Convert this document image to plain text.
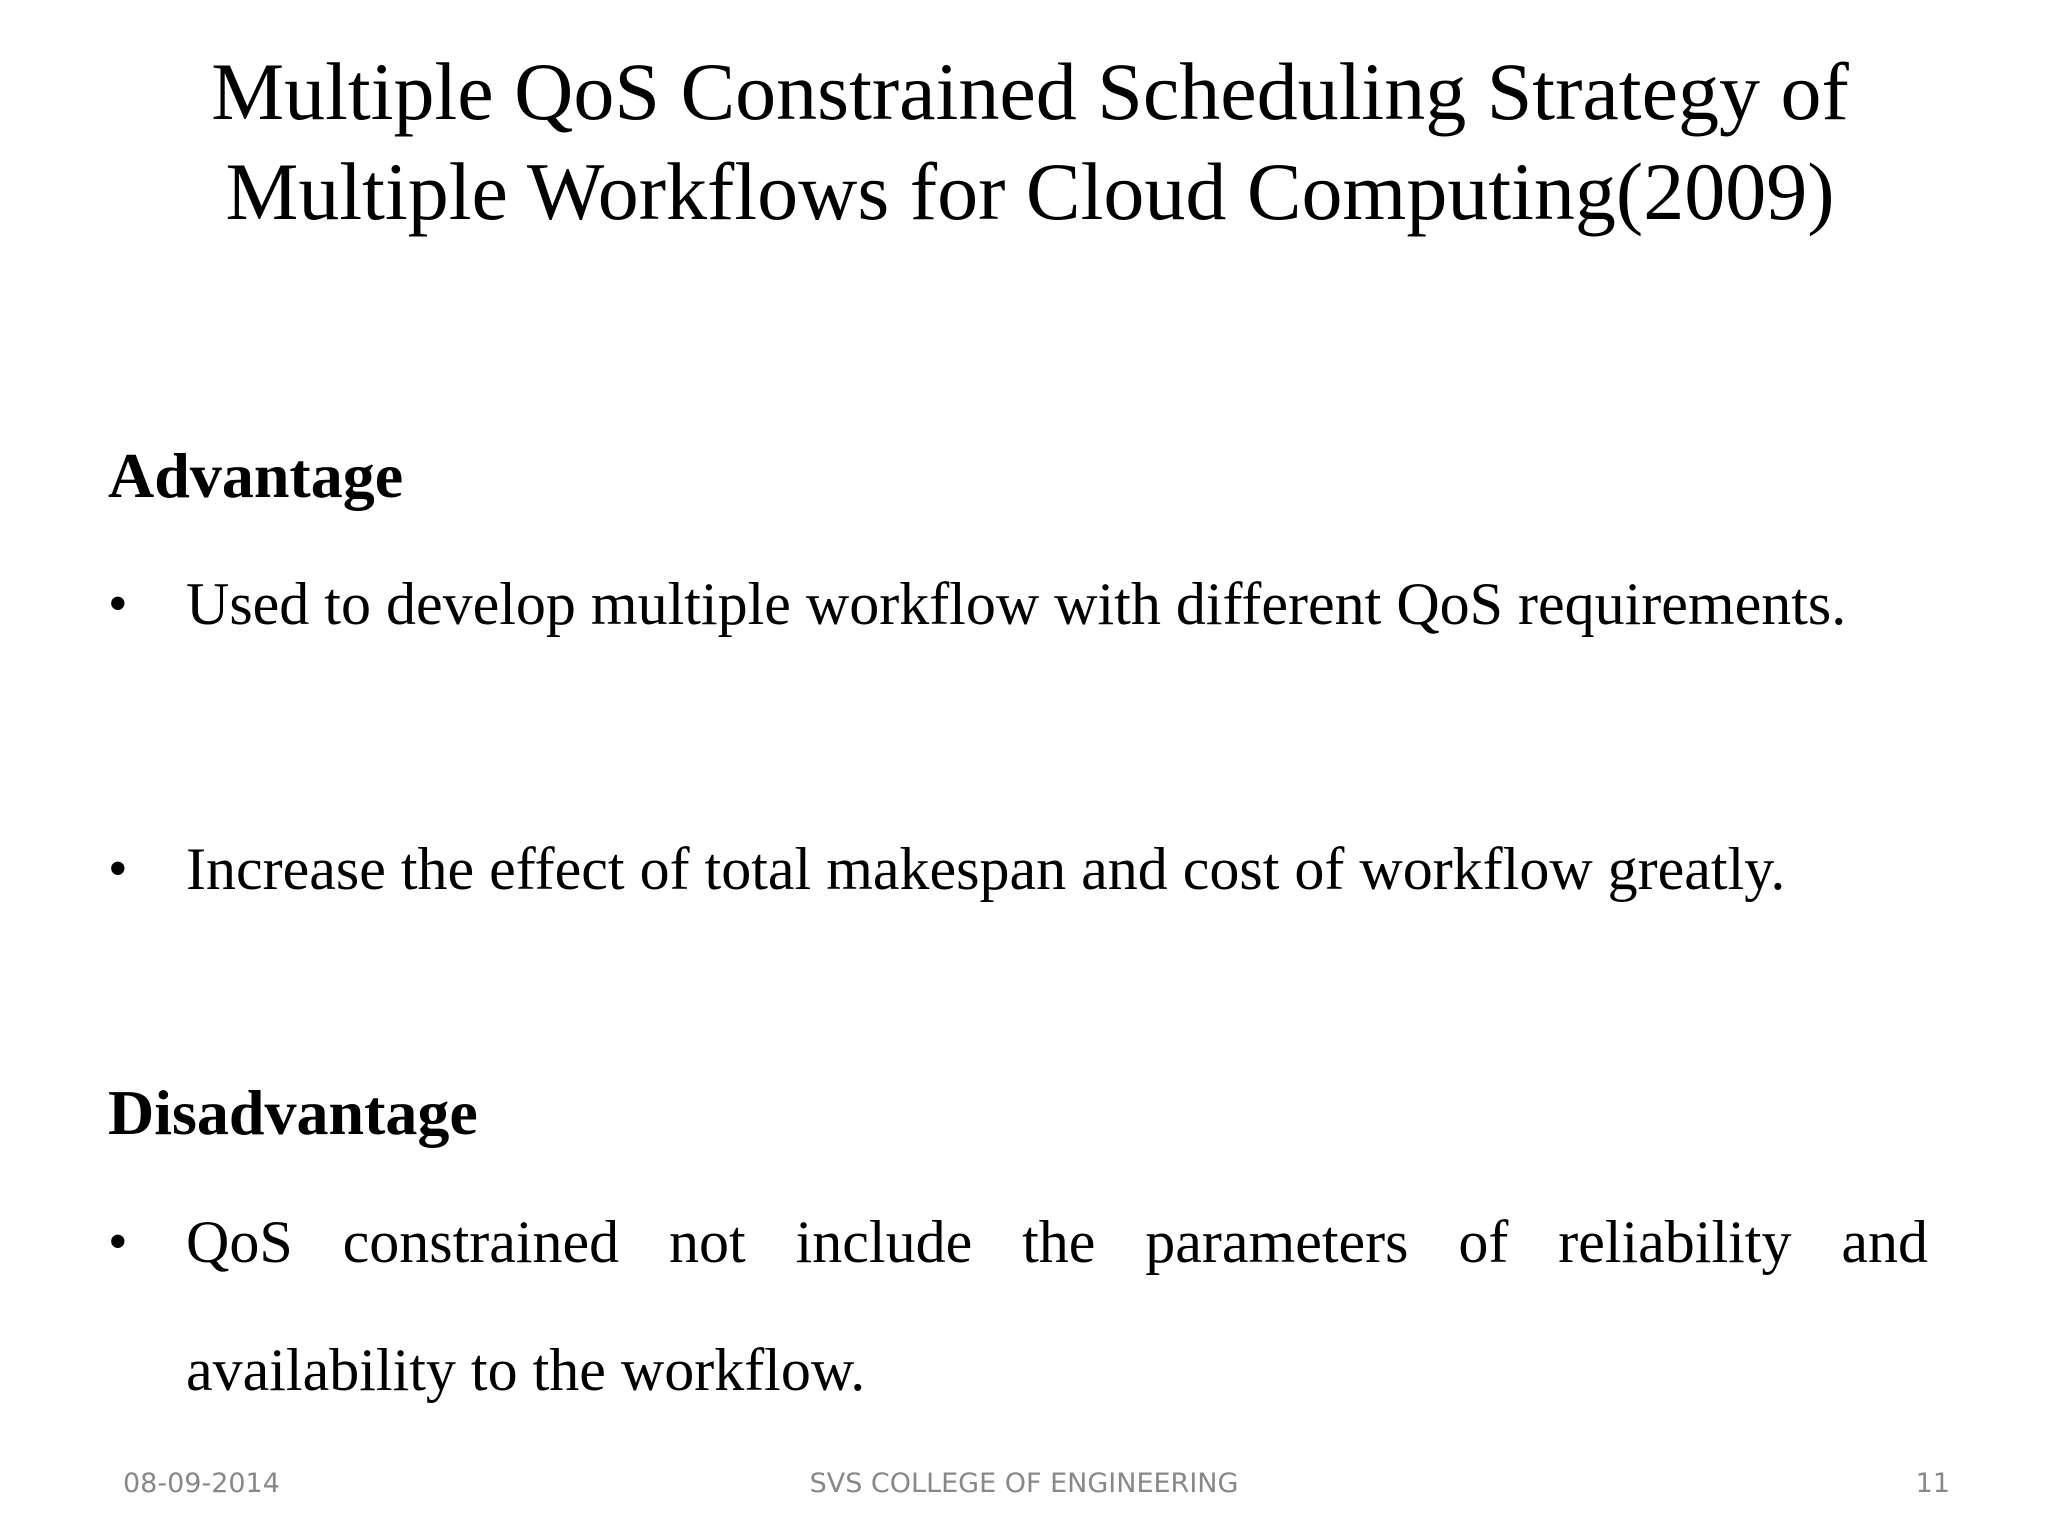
Multiple QoS Constrained Scheduling Strategy of
Multiple Workflows for Cloud Computing(2009)
Advantage
• Used to develop multiple workflow with different QoS requirements.
• Increase the effect of total makespan and cost of workflow greatly.
Disadvantage
• QoS constrained not include the parameters of reliability and availability to the workflow.
08-09-2014	SVS COLLEGE OF ENGINEERING	11
